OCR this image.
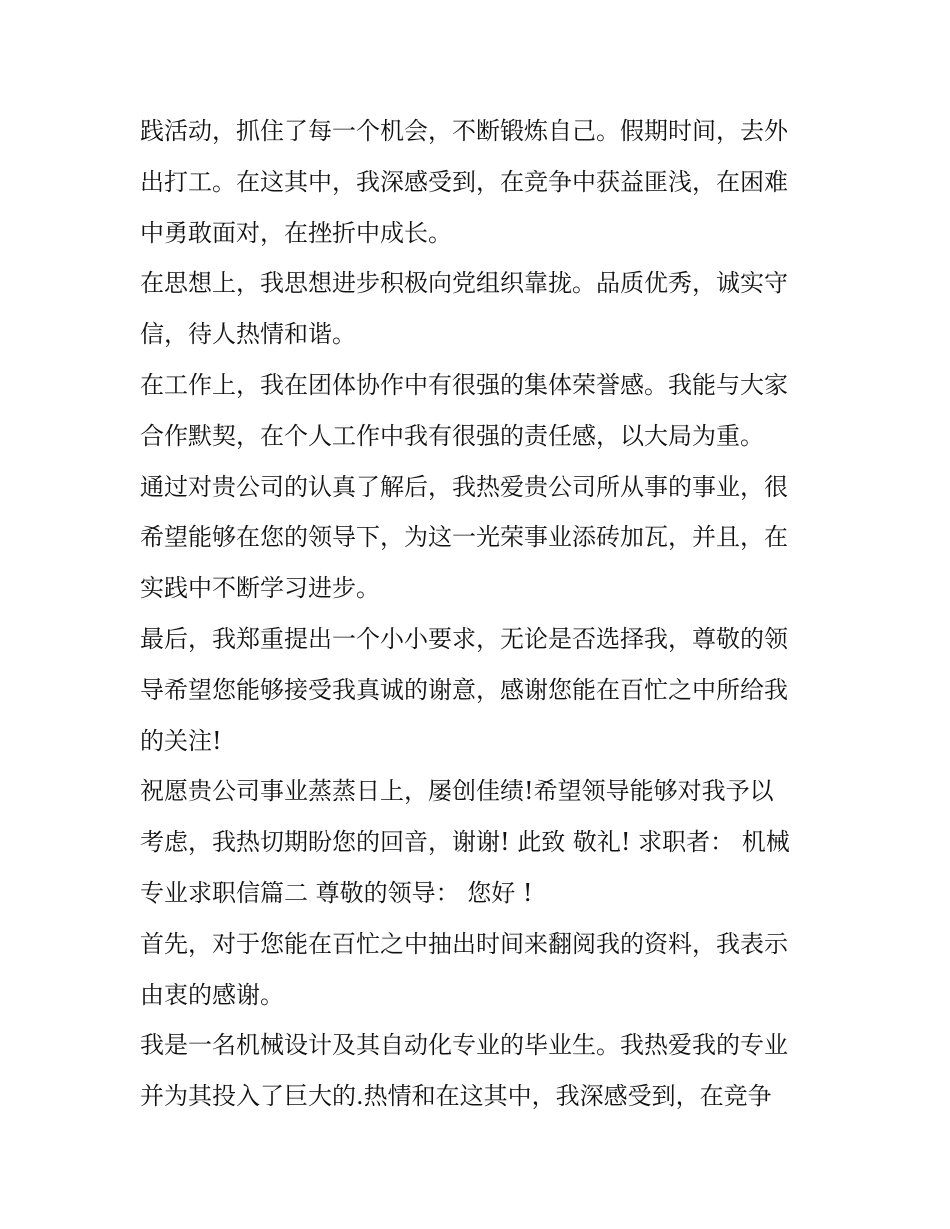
践活动，抓住了每一个机会，不断锻炼自己。假期时间，去外
出打工。在这其中，我深感受到，在竞争中获益匪浅，在困难
中勇敢面对，在挫折中成长。
在思想上，我思想进步积极向党组织靠拢。品质优秀，诚实守
信，待人热情和谐。
在工作上，我在团体协作中有很强的集体荣誉感。我能与大家
合作默契，在个人工作中我有很强的责任感，以大局为重。
通过对贵公司的认真了解后，我热爱贵公司所从事的事业，很
希望能够在您的领导下，为这一光荣事业添砖加瓦，并且，在
实践中不断学习进步。
最后，我郑重提出一个小小要求，无论是否选择我，尊敬的领
导希望您能够接受我真诚的谢意，感谢您能在百忙之中所给我
的关注!
祝愿贵公司事业蒸蒸日上，屡创佳绩!希望领导能够对我予以
考虑，我热切期盼您的回音，谢谢! 此致 敬礼! 求职者： 机械
专业求职信篇二 尊敬的领导： 您好 !
首先，对于您能在百忙之中抽出时间来翻阅我的资料，我表示
由衷的感谢。
我是一名机械设计及其自动化专业的毕业生。我热爱我的专业
并为其投入了巨大的.热情和在这其中，我深感受到，在竞争
